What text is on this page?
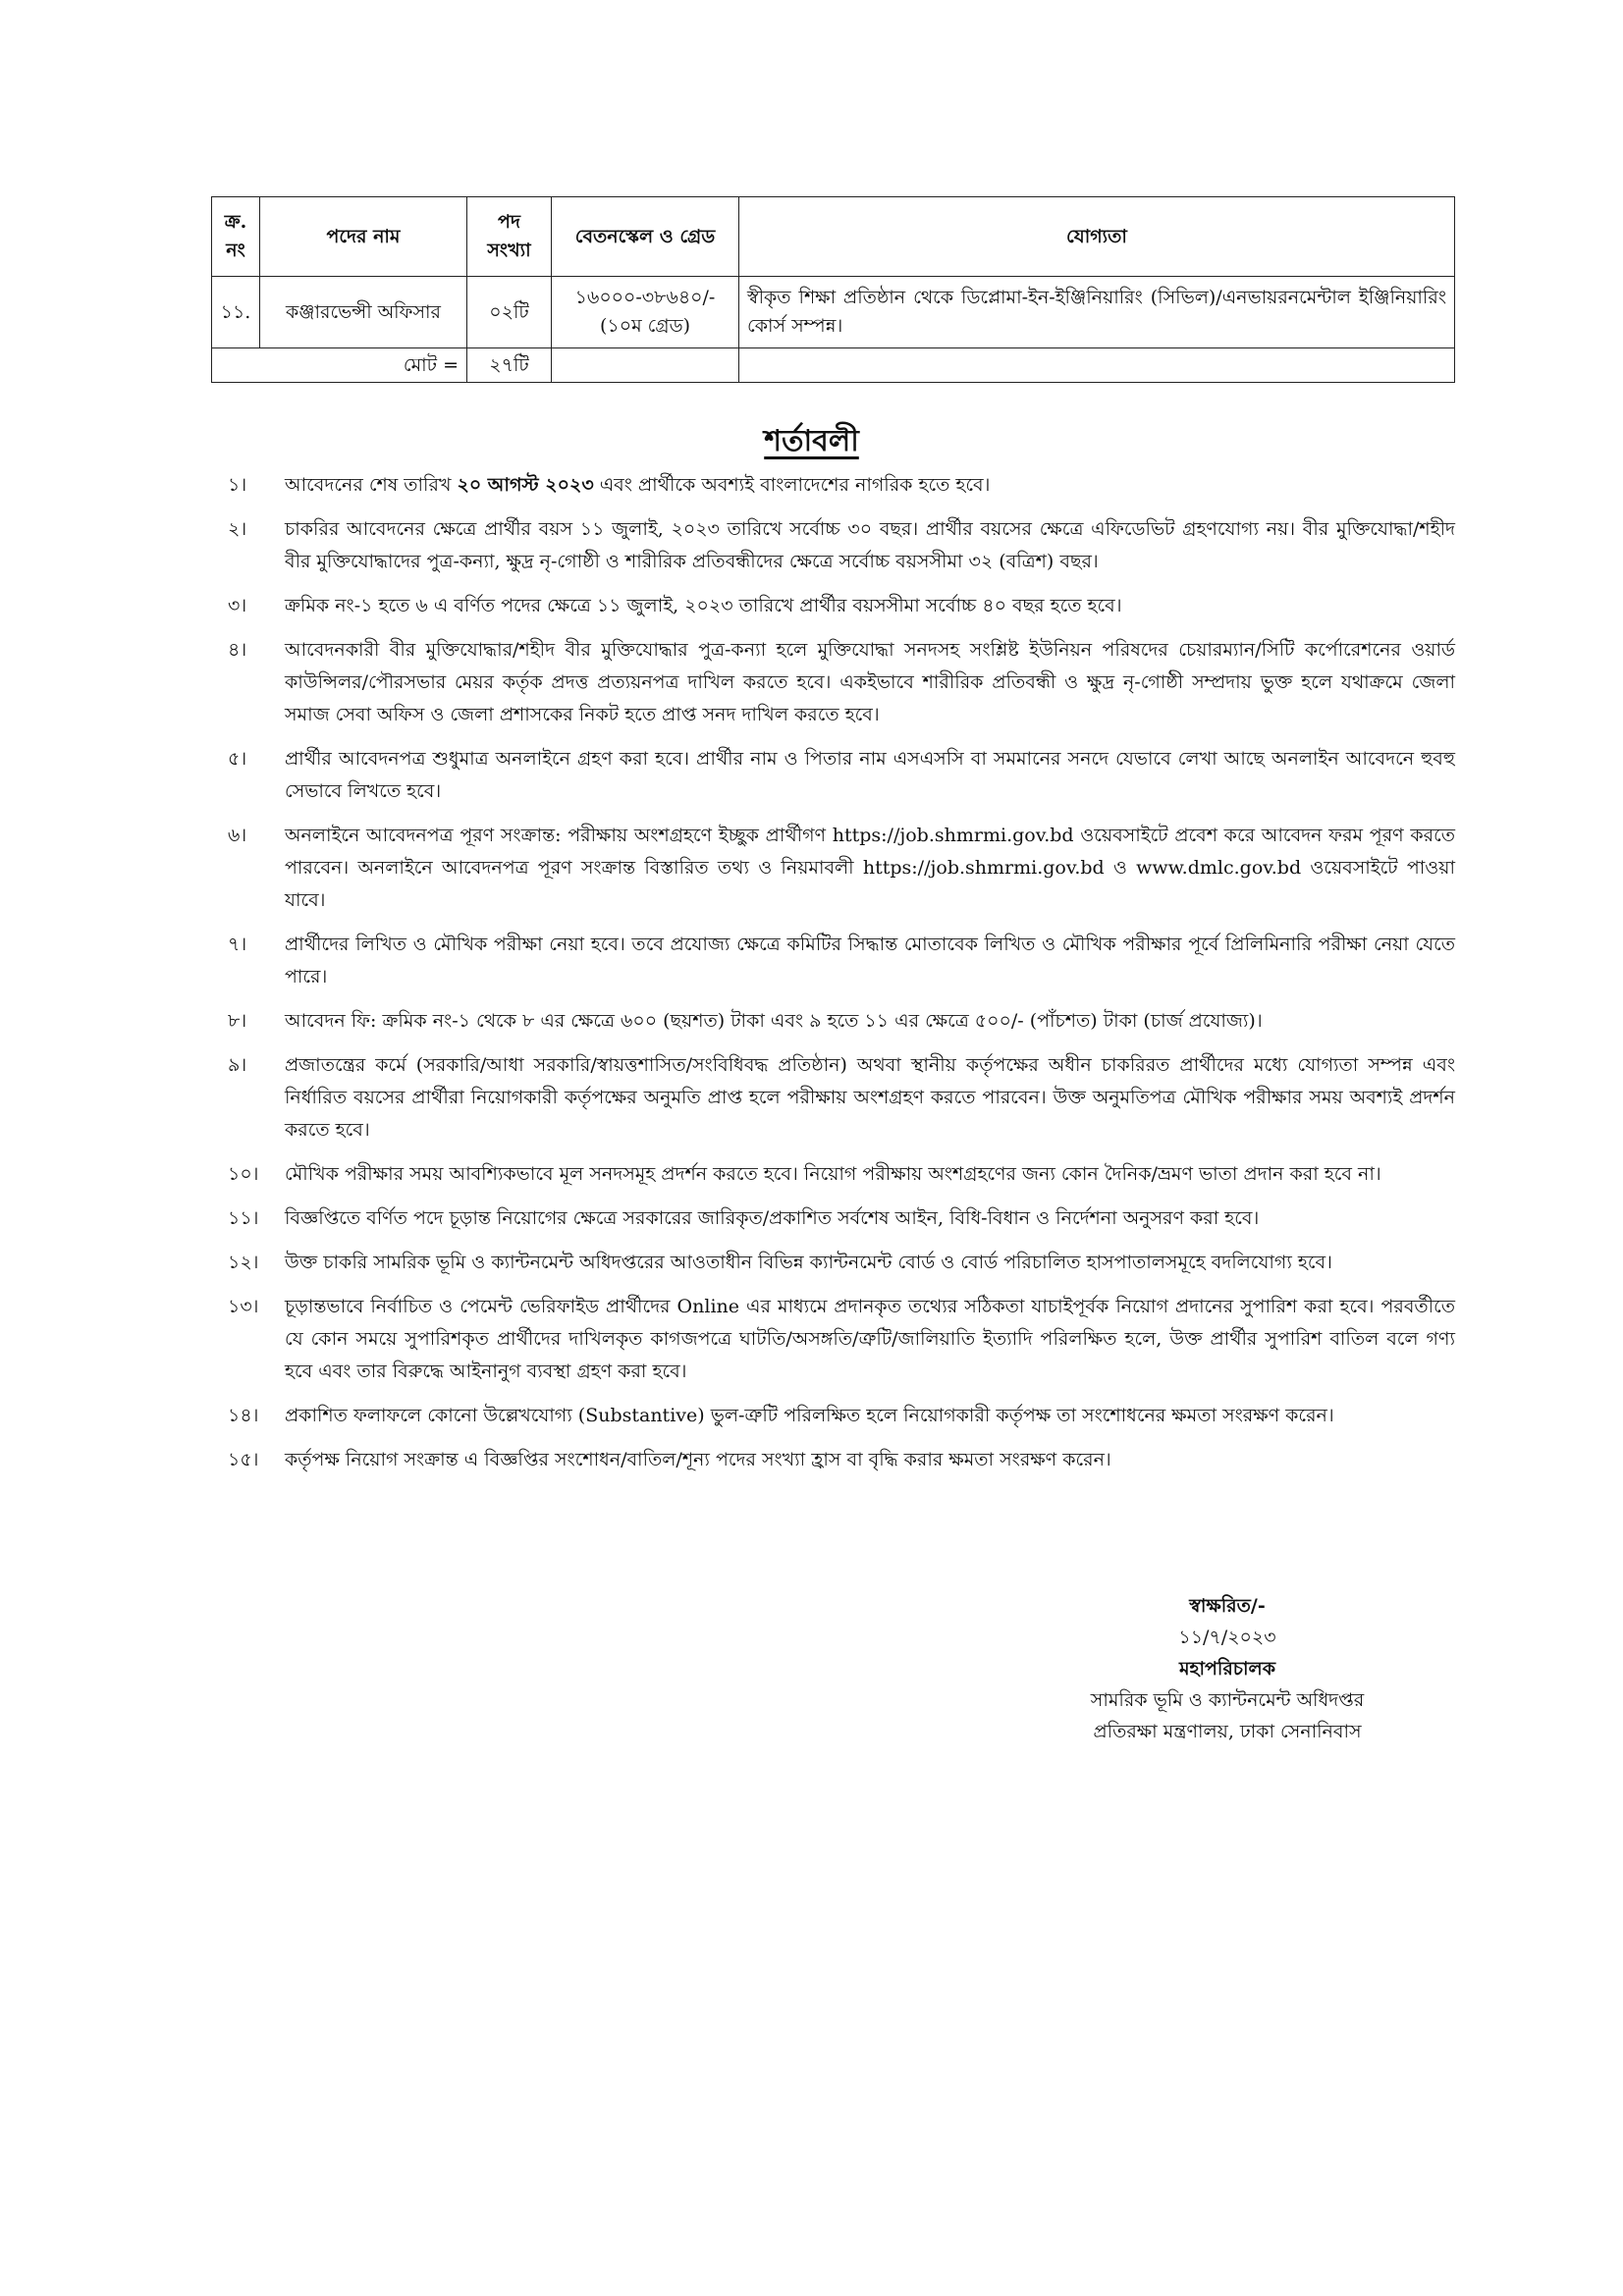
ক্র. নং	পদের নাম	পদ সংখ্যা	বেতনস্কেল ও গ্রেড	যোগ্যতা
১১.	কঞ্জারভেন্সী অফিসার	০২টি	১৬০০০-৩৮৬৪০/- (১০ম গ্রেড)	স্বীকৃত শিক্ষা প্রতিষ্ঠান থেকে ডিপ্লোমা-ইন-ইঞ্জিনিয়ারিং (সিভিল)/এনভায়রনমেন্টাল ইঞ্জিনিয়ারিং কোর্স সম্পন্ন।
মোট =		২৭টি		
শর্তাবলী
১।	আবেদনের শেষ তারিখ ২০ আগস্ট ২০২৩ এবং প্রার্থীকে অবশ্যই বাংলাদেশের নাগরিক হতে হবে।
২।	চাকরির আবেদনের ক্ষেত্রে প্রার্থীর বয়স ১১ জুলাই, ২০২৩ তারিখে সর্বোচ্চ ৩০ বছর। প্রার্থীর বয়সের ক্ষেত্রে এফিডেভিট গ্রহণযোগ্য নয়। বীর মুক্তিযোদ্ধা/শহীদ বীর মুক্তিযোদ্ধাদের পুত্র-কন্যা, ক্ষুদ্র নৃ-গোষ্ঠী ও শারীরিক প্রতিবন্ধীদের ক্ষেত্রে সর্বোচ্চ বয়সসীমা ৩২ (বত্রিশ) বছর।
৩।	ক্রমিক নং-১ হতে ৬ এ বর্ণিত পদের ক্ষেত্রে ১১ জুলাই, ২০২৩ তারিখে প্রার্থীর বয়সসীমা সর্বোচ্চ ৪০ বছর হতে হবে।
৪।	আবেদনকারী বীর মুক্তিযোদ্ধার/শহীদ বীর মুক্তিযোদ্ধার পুত্র-কন্যা হলে মুক্তিযোদ্ধা সনদসহ সংশ্লিষ্ট ইউনিয়ন পরিষদের চেয়ারম্যান/সিটি কর্পোরেশনের ওয়ার্ড কাউন্সিলর/পৌরসভার মেয়র কর্তৃক প্রদত্ত প্রত্যয়নপত্র দাখিল করতে হবে। একইভাবে শারীরিক প্রতিবন্ধী ও ক্ষুদ্র নৃ-গোষ্ঠী সম্প্রদায় ভুক্ত হলে যথাক্রমে জেলা সমাজ সেবা অফিস ও জেলা প্রশাসকের নিকট হতে প্রাপ্ত সনদ দাখিল করতে হবে।
৫।	প্রার্থীর আবেদনপত্র শুধুমাত্র অনলাইনে গ্রহণ করা হবে। প্রার্থীর নাম ও পিতার নাম এসএসসি বা সমমানের সনদে যেভাবে লেখা আছে অনলাইন আবেদনে হুবহু সেভাবে লিখতে হবে।
৬।	অনলাইনে আবেদনপত্র পূরণ সংক্রান্ত: পরীক্ষায় অংশগ্রহণে ইচ্ছুক প্রার্থীগণ https://job.shmrmi.gov.bd ওয়েবসাইটে প্রবেশ করে আবেদন ফরম পূরণ করতে পারবেন। অনলাইনে আবেদনপত্র পূরণ সংক্রান্ত বিস্তারিত তথ্য ও নিয়মাবলী https://job.shmrmi.gov.bd ও www.dmlc.gov.bd ওয়েবসাইটে পাওয়া যাবে।
৭।	প্রার্থীদের লিখিত ও মৌখিক পরীক্ষা নেয়া হবে। তবে প্রযোজ্য ক্ষেত্রে কমিটির সিদ্ধান্ত মোতাবেক লিখিত ও মৌখিক পরীক্ষার পূর্বে প্রিলিমিনারি পরীক্ষা নেয়া যেতে পারে।
৮।	আবেদন ফি: ক্রমিক নং-১ থেকে ৮ এর ক্ষেত্রে ৬০০ (ছয়শত) টাকা এবং ৯ হতে ১১ এর ক্ষেত্রে ৫০০/- (পাঁচশত) টাকা (চার্জ প্রযোজ্য)।
৯।	প্রজাতন্ত্রের কর্মে (সরকারি/আধা সরকারি/স্বায়ত্তশাসিত/সংবিধিবদ্ধ প্রতিষ্ঠান) অথবা স্থানীয় কর্তৃপক্ষের অধীন চাকরিরত প্রার্থীদের মধ্যে যোগ্যতা সম্পন্ন এবং নির্ধারিত বয়সের প্রার্থীরা নিয়োগকারী কর্তৃপক্ষের অনুমতি প্রাপ্ত হলে পরীক্ষায় অংশগ্রহণ করতে পারবেন। উক্ত অনুমতিপত্র মৌখিক পরীক্ষার সময় অবশ্যই প্রদর্শন করতে হবে।
১০।	মৌখিক পরীক্ষার সময় আবশ্যিকভাবে মূল সনদসমূহ প্রদর্শন করতে হবে। নিয়োগ পরীক্ষায় অংশগ্রহণের জন্য কোন দৈনিক/ভ্রমণ ভাতা প্রদান করা হবে না।
১১।	বিজ্ঞপ্তিতে বর্ণিত পদে চূড়ান্ত নিয়োগের ক্ষেত্রে সরকারের জারিকৃত/প্রকাশিত সর্বশেষ আইন, বিধি-বিধান ও নির্দেশনা অনুসরণ করা হবে।
১২।	উক্ত চাকরি সামরিক ভূমি ও ক্যান্টনমেন্ট অধিদপ্তরের আওতাধীন বিভিন্ন ক্যান্টনমেন্ট বোর্ড ও বোর্ড পরিচালিত হাসপাতালসমূহে বদলিযোগ্য হবে।
১৩।	চূড়ান্তভাবে নির্বাচিত ও পেমেন্ট ভেরিফাইড প্রার্থীদের Online এর মাধ্যমে প্রদানকৃত তথ্যের সঠিকতা যাচাইপূর্বক নিয়োগ প্রদানের সুপারিশ করা হবে। পরবর্তীতে যে কোন সময়ে সুপারিশকৃত প্রার্থীদের দাখিলকৃত কাগজপত্রে ঘাটতি/অসঙ্গতি/ত্রুটি/জালিয়াতি ইত্যাদি পরিলক্ষিত হলে, উক্ত প্রার্থীর সুপারিশ বাতিল বলে গণ্য হবে এবং তার বিরুদ্ধে আইনানুগ ব্যবস্থা গ্রহণ করা হবে।
১৪।	প্রকাশিত ফলাফলে কোনো উল্লেখযোগ্য (Substantive) ভুল-ত্রুটি পরিলক্ষিত হলে নিয়োগকারী কর্তৃপক্ষ তা সংশোধনের ক্ষমতা সংরক্ষণ করেন।
১৫।	কর্তৃপক্ষ নিয়োগ সংক্রান্ত এ বিজ্ঞপ্তির সংশোধন/বাতিল/শূন্য পদের সংখ্যা হ্রাস বা বৃদ্ধি করার ক্ষমতা সংরক্ষণ করেন।
স্বাক্ষরিত/-
১১/৭/২০২৩
মহাপরিচালক
সামরিক ভূমি ও ক্যান্টনমেন্ট অধিদপ্তর
প্রতিরক্ষা মন্ত্রণালয়, ঢাকা সেনানিবাস
